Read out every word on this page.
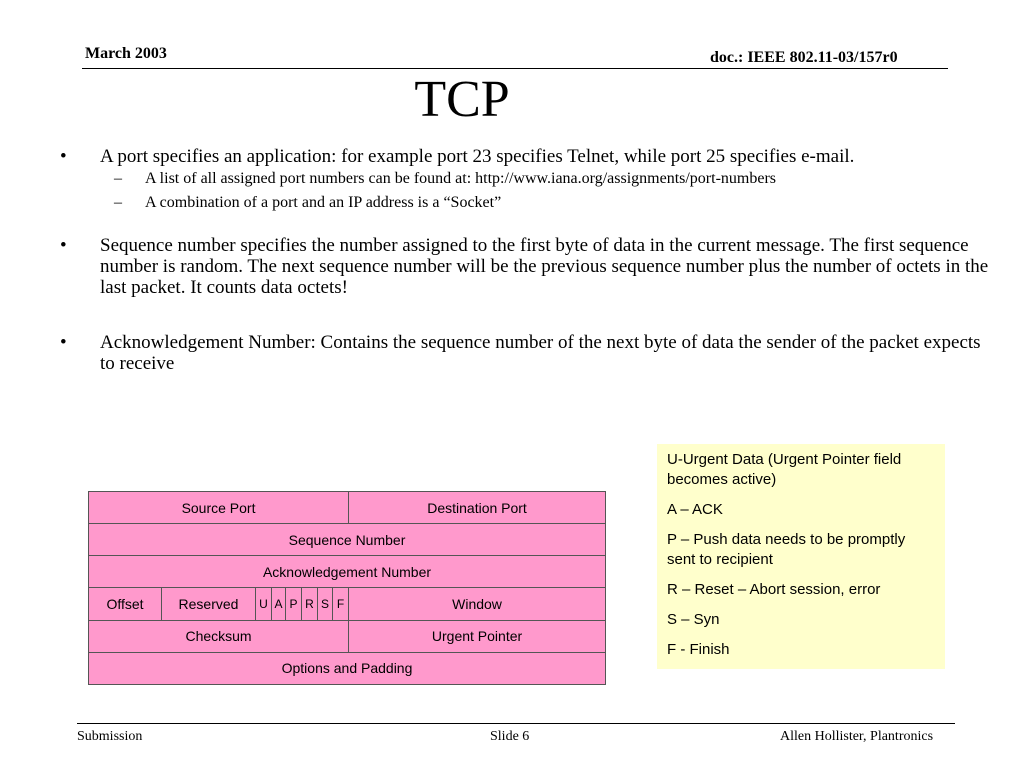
March 2003	doc.: IEEE 802.11-03/157r0
TCP
• A port specifies an application: for example port 23 specifies Telnet, while port 25 specifies e-mail.
– A list of all assigned port numbers can be found at: http://www.iana.org/assignments/port-numbers
– A combination of a port and an IP address is a “Socket”
• Sequence number specifies the number assigned to the first byte of data in the current message. The first sequence number is random. The next sequence number will be the previous sequence number plus the number of octets in the last packet. It counts data octets!
• Acknowledgement Number: Contains the sequence number of the next byte of data the sender of the packet expects to receive
Source Port								Destination Port
Sequence Number								
Acknowledgement Number								
Offset	Reserved	U	A	P	R	S	F	Window
Checksum								Urgent Pointer
Options and Padding								
U-Urgent Data (Urgent Pointer field becomes active)
A – ACK
P – Push data needs to be promptly sent to recipient
R – Reset – Abort session, error
S – Syn
F - Finish
Submission	Slide 6	Allen Hollister, Plantronics
